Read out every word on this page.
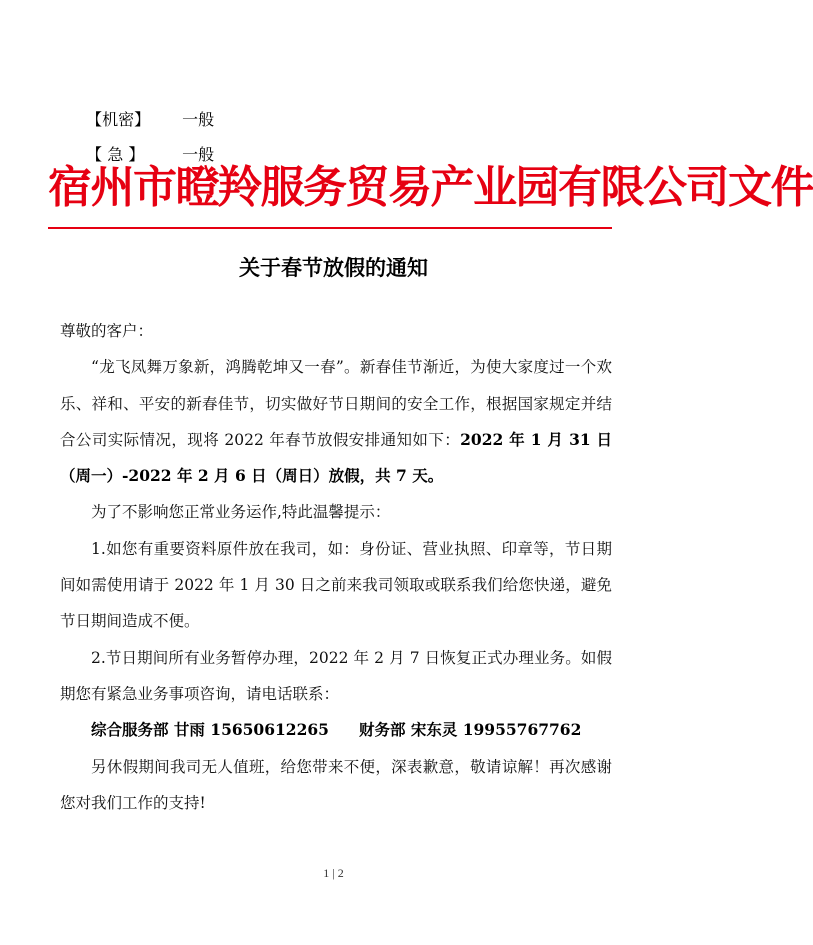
【机密】 一般

【 急 】 一般

宿州市瞪羚服务贸易产业园有限公司文件
关于春节放假的通知

尊敬的客户：

“龙飞凤舞万象新，鸿腾乾坤又一春”。新春佳节渐近，为使大家度过一个欢乐、祥和、平安的新春佳节，切实做好节日期间的安全工作，根据国家规定并结合公司实际情况，现将 2022 年春节放假安排通知如下：2022 年 1 月 31 日（周一）-2022 年 2 月 6 日（周日）放假，共 7 天。

为了不影响您正常业务运作,特此温馨提示：

1.如您有重要资料原件放在我司，如：身份证、营业执照、印章等，节日期间如需使用请于 2022 年 1 月 30 日之前来我司领取或联系我们给您快递，避免节日期间造成不便。

2.节日期间所有业务暂停办理，2022 年 2 月 7 日恢复正式办理业务。如假期您有紧急业务事项咨询，请电话联系：

综合服务部 甘雨 15650612265 财务部 宋东灵 19955767762

另休假期间我司无人值班，给您带来不便，深表歉意，敬请谅解！再次感谢您对我们工作的支持!

1 | 2
